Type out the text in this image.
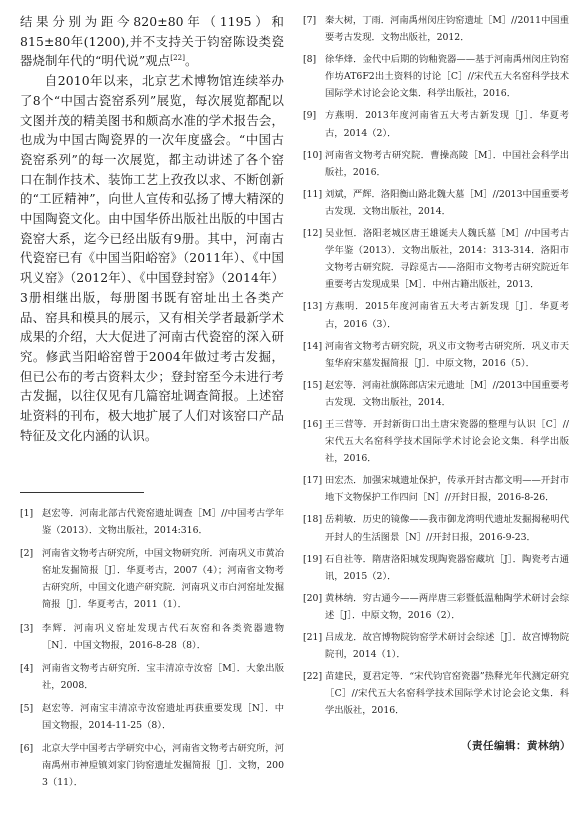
结果分别为距今820±80年（1195）和815±80年(1200),并不支持关于钧窑陈设类瓷器烧制年代的“明代说”观点[22]。

自2010年以来，北京艺术博物馆连续举办了8个“中国古瓷窑系列”展览，每次展览都配以文图并茂的精美图书和颇高水准的学术报告会，也成为中国古陶瓷界的一次年度盛会。“中国古瓷窑系列”的每一次展览，都主动讲述了各个窑口在制作技术、装饰工艺上孜孜以求、不断创新的“工匠精神”，向世人宣传和弘扬了博大精深的中国陶瓷文化。由中国华侨出版社出版的中国古瓷窑大系，迄今已经出版有9册。其中，河南古代瓷窑已有《中国当阳峪窑》（2011年）、《中国巩义窑》（2012年）、《中国登封窑》（2014年）3册相继出版，每册图书既有窑址出土各类产品、窑具和模具的展示，又有相关学者最新学术成果的介绍，大大促进了河南古代瓷窑的深入研究。修武当阳峪窑曾于2004年做过考古发掘，但已公布的考古资料太少；登封窑至今未进行考古发掘，以往仅见有几篇窑址调查简报。上述窑址资料的刊布，极大地扩展了人们对该窑口产品特征及文化内涵的认识。

[1] 赵宏等．河南北部古代瓷窑遗址调查［M］//中国考古学年鉴（2013）．文物出版社，2014:316．
[2] 河南省文物考古研究所，中国文物研究所．河南巩义市黄冶窑址发掘简报［J］．华夏考古，2007（4）；河南省文物考古研究所，中国文化遗产研究院．河南巩义市白河窑址发掘简报［J］．华夏考古，2011（1）．
[3] 李辉．河南巩义窑址发现古代石灰窑和各类瓷器遗物［N］．中国文物报，2016-8-28（8）．
[4] 河南省文物考古研究所．宝丰清凉寺汝窑［M］．大象出版社，2008．
[5] 赵宏等．河南宝丰清凉寺汝窑遗址再获重要发现［N］．中国文物报，2014-11-25（8）．
[6] 北京大学中国考古学研究中心，河南省文物考古研究所，河南禹州市神垕镇刘家门钧窑遗址发掘简报［J］．文物，2003（11）．
[7] 秦大树，丁雨．河南禹州闵庄钧窑遗址［M］//2011中国重要考古发现．文物出版社，2012．
[8] 徐华烽．金代中后期的钧釉瓷器——基于河南禹州闵庄钧窑作坊AT6F2出土资料的讨论［C］//宋代五大名窑科学技术国际学术讨论会论文集．科学出版社，2016．
[9] 方燕明．2013年度河南省五大考古新发现［J］．华夏考古，2014（2）．
[10] 河南省文物考古研究院．曹操高陵［M］．中国社会科学出版社，2016．
[11] 刘斌，严辉．洛阳衡山路北魏大墓［M］//2013中国重要考古发现．文物出版社，2014．
[12] 吴业恒．洛阳老城区唐王雄诞夫人魏氏墓［M］//中国考古学年鉴（2013）．文物出版社，2014：313-314．洛阳市文物考古研究院．寻踪觅古——洛阳市文物考古研究院近年重要考古发现成果［M］．中州古籍出版社，2013．
[13] 方燕明．2015年度河南省五大考古新发现［J］．华夏考古，2016（3）．
[14] 河南省文物考古研究院，巩义市文物考古研究所．巩义市天玺华府宋墓发掘简报［J］．中原文物，2016（5）．
[15] 赵宏等．河南社旗陈郎店宋元遗址［M］//2013中国重要考古发现．文物出版社，2014．
[16] 王三营等．开封新街口出土唐宋瓷器的整理与认识［C］//宋代五大名窑科学技术国际学术讨论会论文集．科学出版社，2016．
[17] 田宏杰．加强宋城遗址保护，传承开封古都文明——开封市地下文物保护工作四问［N］//开封日报，2016-8-26．
[18] 岳莉敏．历史的镜像——我市御龙湾明代遗址发掘揭秘明代开封人的生活图景［N］//开封日报，2016-9-23．
[19] 石自社等．隋唐洛阳城发现陶瓷器窑藏坑［J］．陶瓷考古通讯，2015（2）．
[20] 黄林纳．穷古通今——两岸唐三彩暨低温釉陶学术研讨会综述［J］．中原文物，2016（2）．
[21] 吕成龙．故宫博物院钧窑学术研讨会综述［J］．故宫博物院院刊，2014（1）．
[22] 苗建民，夏君定等．“宋代钧官窑瓷器”热释光年代测定研究［C］//宋代五大名窑科学技术国际学术讨论会论文集．科学出版社，2016．
（责任编辑：黄林纳）
